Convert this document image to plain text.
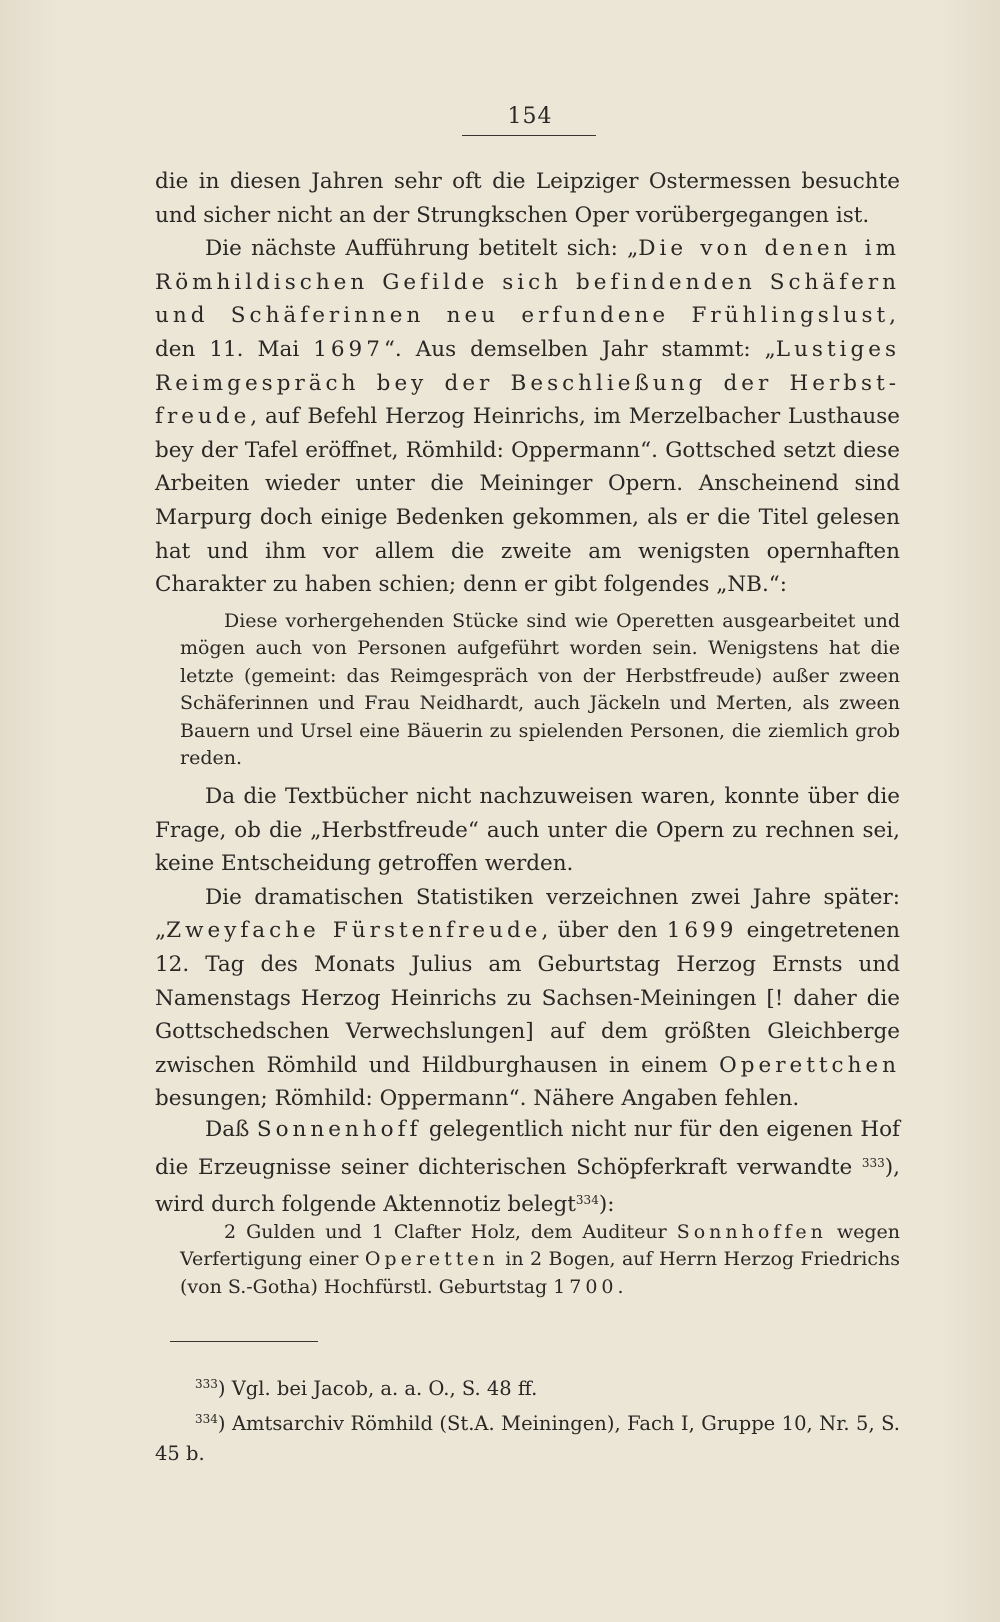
154

die in diesen Jahren sehr oft die Leipziger Ostermessen besuchte und sicher nicht an der Strungkschen Oper vorübergegangen ist.

Die nächste Aufführung betitelt sich: „Die von denen im Römhildischen Gefilde sich befindenden Schäfern und Schäferinnen neu erfundene Frühlingslust, den 11. Mai 1697“. Aus demselben Jahr stammt: „Lustiges Reimgespräch bey der Beschließung der Herbst-freude, auf Befehl Herzog Heinrichs, im Merzelbacher Lusthause bey der Tafel eröffnet, Römhild: Oppermann“. Gottsched setzt diese Arbeiten wieder unter die Meininger Opern. Anscheinend sind Marpurg doch einige Bedenken gekommen, als er die Titel gelesen hat und ihm vor allem die zweite am wenigsten opernhaften Charakter zu haben schien; denn er gibt folgendes „NB.“:

Diese vorhergehenden Stücke sind wie Operetten ausgearbeitet und mögen auch von Personen aufgeführt worden sein. Wenigstens hat die letzte (gemeint: das Reimgespräch von der Herbstfreude) außer zween Schäferinnen und Frau Neidhardt, auch Jäckeln und Merten, als zween Bauern und Ursel eine Bäuerin zu spielenden Personen, die ziemlich grob reden.

Da die Textbücher nicht nachzuweisen waren, konnte über die Frage, ob die „Herbstfreude“ auch unter die Opern zu rechnen sei, keine Entscheidung getroffen werden.

Die dramatischen Statistiken verzeichnen zwei Jahre später: „Zweyfache Fürstenfreude, über den 1699 eingetretenen 12. Tag des Monats Julius am Geburtstag Herzog Ernsts und Namenstags Herzog Heinrichs zu Sachsen-Meiningen [! daher die Gottschedschen Verwechslungen] auf dem größten Gleichberge zwischen Römhild und Hildburghausen in einem Operettchen besungen; Römhild: Oppermann“. Nähere Angaben fehlen.

Daß Sonnenhoff gelegentlich nicht nur für den eigenen Hof die Erzeugnisse seiner dichterischen Schöpferkraft verwandte $^{333}$), wird durch folgende Aktennotiz belegt$^{334}$):

2 Gulden und 1 Clafter Holz, dem Auditeur Sonnhoffen wegen Verfertigung einer Operetten in 2 Bogen, auf Herrn Herzog Friedrichs (von S.-Gotha) Hochfürstl. Geburtstag 1700.

$^{333}$) Vgl. bei Jacob, a. a. O., S. 48 ff.

$^{334}$) Amtsarchiv Römhild (St.A. Meiningen), Fach I, Gruppe 10, Nr. 5, S. 45 b.
